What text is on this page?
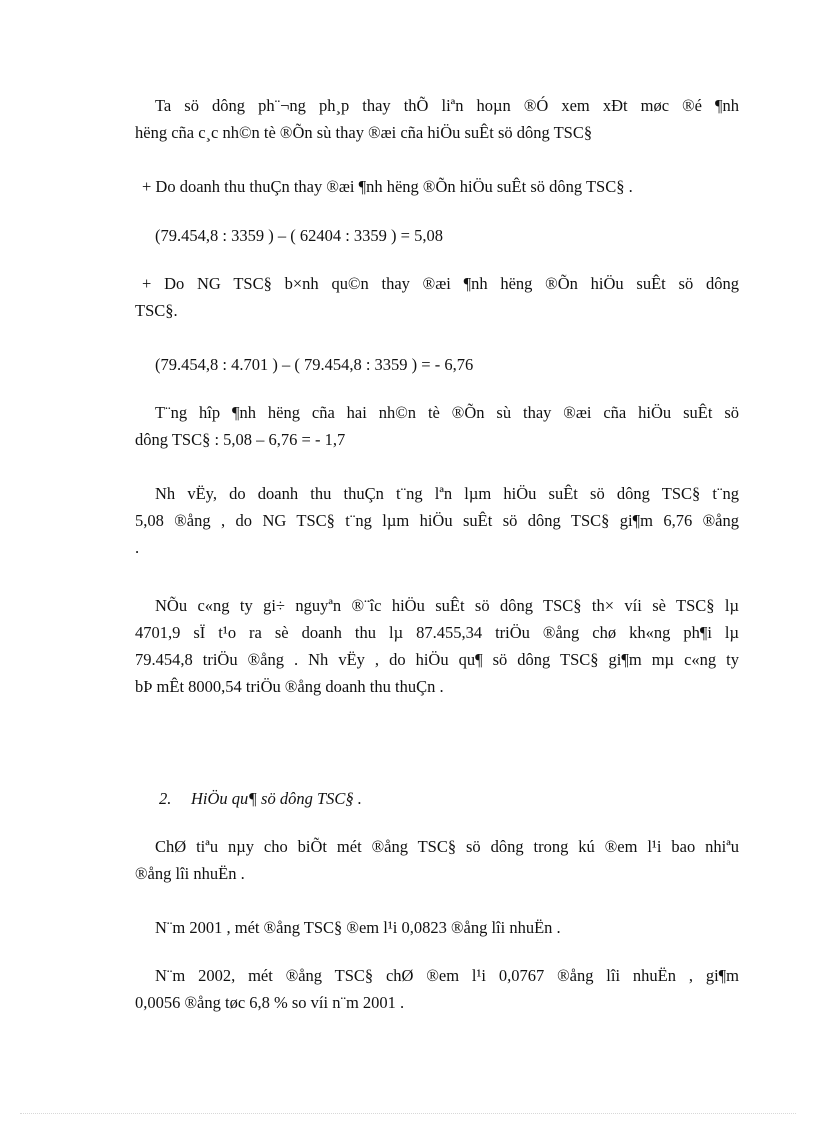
Ta sö dông ph¨¬ng ph¸p thay thÕ liªn hoµn ®Ó xem xÐt møc ®é ¶nh
hëng cña c¸c nh©n tè ®Õn sù thay ®æi cña hiÖu suÊt sö dông TSC§

+ Do doanh thu thuÇn thay ®æi ¶nh hëng ®Õn hiÖu suÊt sö dông TSC§ .

(79.454,8 : 3359 ) – ( 62404 : 3359 ) = 5,08

+ Do NG TSC§ b×nh qu©n thay ®æi ¶nh hëng ®Õn hiÖu suÊt sö dông
TSC§.

(79.454,8 : 4.701 ) – ( 79.454,8 : 3359 ) = - 6,76

T¨ng hîp ¶nh hëng cña hai nh©n tè ®Õn sù thay ®æi cña hiÖu suÊt sö
dông TSC§ : 5,08 – 6,76 = - 1,7

Nh vËy, do doanh thu thuÇn t¨ng lªn lµm hiÖu suÊt sö dông TSC§ t¨ng
5,08 ®ång , do NG TSC§ t¨ng lµm hiÖu suÊt sö dông TSC§ gi¶m 6,76 ®ång
.

NÕu c«ng ty gi÷ nguyªn ®¨îc hiÖu suÊt sö dông TSC§ th× víi sè TSC§ lµ
4701,9 sÏ t¹o ra sè doanh thu lµ 87.455,34 triÖu ®ång chø kh«ng ph¶i lµ
79.454,8 triÖu ®ång . Nh vËy , do hiÖu qu¶ sö dông TSC§ gi¶m mµ c«ng ty
bÞ mÊt 8000,54 triÖu ®ång doanh thu thuÇn .

2. HiÖu qu¶ sö dông TSC§ .

ChØ tiªu nµy cho biÕt mét ®ång TSC§ sö dông trong kú ®em l¹i bao nhiªu
®ång lîi nhuËn .

N¨m 2001 , mét ®ång TSC§ ®em l¹i 0,0823 ®ång lîi nhuËn .

N¨m 2002, mét ®ång TSC§ chØ ®em l¹i 0,0767 ®ång lîi nhuËn , gi¶m
0,0056 ®ång tøc 6,8 % so víi n¨m 2001 .
